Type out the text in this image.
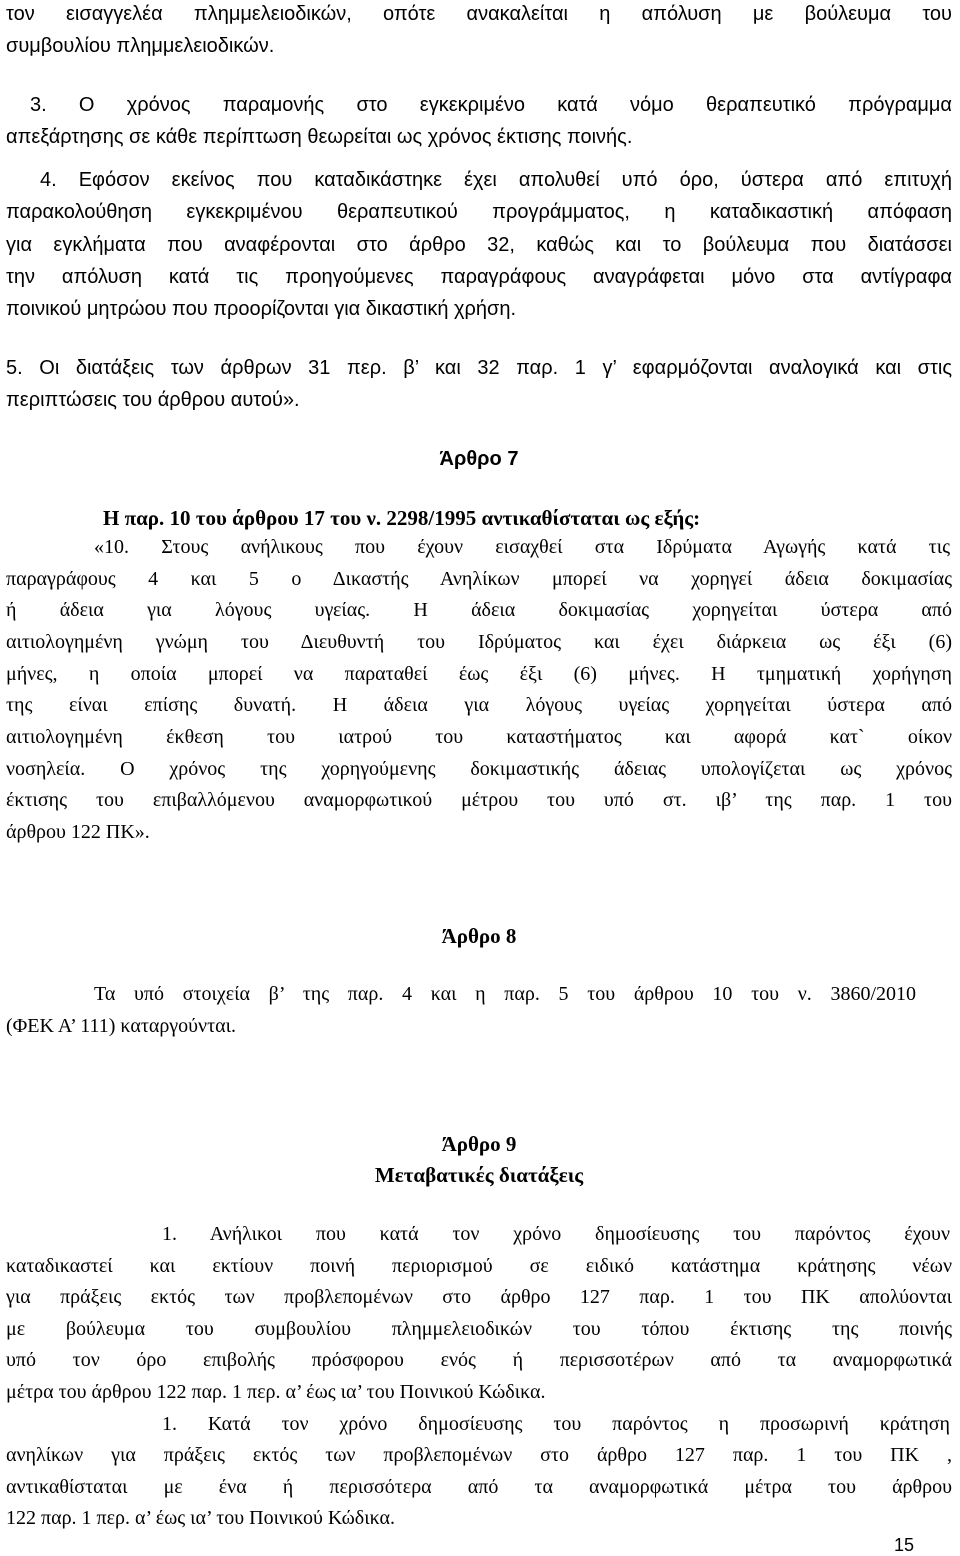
τον εισαγγελέα πλημμελειοδικών, οπότε ανακαλείται η απόλυση με βούλευμα του

συμβουλίου πλημμελειοδικών.

3. Ο χρόνος παραμονής στο εγκεκριμένο κατά νόμο θεραπευτικό πρόγραμμα

απεξάρτησης σε κάθε περίπτωση θεωρείται ως χρόνος έκτισης ποινής.

4. Εφόσον εκείνος που καταδικάστηκε έχει απολυθεί υπό όρο, ύστερα από επιτυχή

παρακολούθηση εγκεκριμένου θεραπευτικού προγράμματος, η καταδικαστική απόφαση

για εγκλήματα που αναφέρονται στο άρθρο 32, καθώς και το βούλευμα που διατάσσει

την απόλυση κατά τις προηγούμενες παραγράφους αναγράφεται μόνο στα αντίγραφα

ποινικού μητρώου που προορίζονται για δικαστική χρήση.

5. Οι διατάξεις των άρθρων 31 περ. β’ και 32 παρ. 1 γ’ εφαρμόζονται αναλογικά και στις

περιπτώσεις του άρθρου αυτού».

Άρθρο 7

Η παρ. 10 του άρθρου 17 του ν. 2298/1995 αντικαθίσταται ως εξής:

«10. Στους ανήλικους που έχουν εισαχθεί στα Ιδρύματα Αγωγής κατά τις

παραγράφους 4 και 5 ο Δικαστής Ανηλίκων μπορεί να χορηγεί άδεια δοκιμασίας

ή άδεια για λόγους υγείας. Η άδεια δοκιμασίας χορηγείται ύστερα από

αιτιολογημένη γνώμη του Διευθυντή του Ιδρύματος και έχει διάρκεια ως έξι (6)

μήνες, η οποία μπορεί να παραταθεί έως έξι (6) μήνες. Η τμηματική χορήγηση

της είναι επίσης δυνατή. Η άδεια για λόγους υγείας χορηγείται ύστερα από

αιτιολογημένη έκθεση του ιατρού του καταστήματος και αφορά κατ` οίκον

νοσηλεία. Ο χρόνος της χορηγούμενης δοκιμαστικής άδειας υπολογίζεται ως χρόνος

έκτισης του επιβαλλόμενου αναμορφωτικού μέτρου του υπό στ. ιβ’ της παρ. 1 του

άρθρου 122 ΠΚ».

Άρθρο 8

Τα υπό στοιχεία β’ της παρ. 4 και η παρ. 5 του άρθρου 10 του ν. 3860/2010

(ΦΕΚ Α’ 111) καταργούνται.

Άρθρο 9

Μεταβατικές διατάξεις

1. Ανήλικοι που κατά τον χρόνο δημοσίευσης του παρόντος έχουν

καταδικαστεί και εκτίουν ποινή περιορισμού σε ειδικό κατάστημα κράτησης νέων

για πράξεις εκτός των προβλεπομένων στο άρθρο 127 παρ. 1 του ΠΚ απολύονται

με βούλευμα του συμβουλίου πλημμελειοδικών του τόπου έκτισης της ποινής

υπό τον όρο επιβολής πρόσφορου ενός ή περισσοτέρων από τα αναμορφωτικά

μέτρα του άρθρου 122 παρ. 1 περ. α’ έως ια’ του Ποινικού Κώδικα.

1. Κατά τον χρόνο δημοσίευσης του παρόντος η προσωρινή κράτηση

ανηλίκων για πράξεις εκτός των προβλεπομένων στο άρθρο 127 παρ. 1 του ΠΚ ,

αντικαθίσταται με ένα ή περισσότερα από τα αναμορφωτικά μέτρα του άρθρου

122 παρ. 1 περ. α’ έως ια’ του Ποινικού Κώδικα.

15
